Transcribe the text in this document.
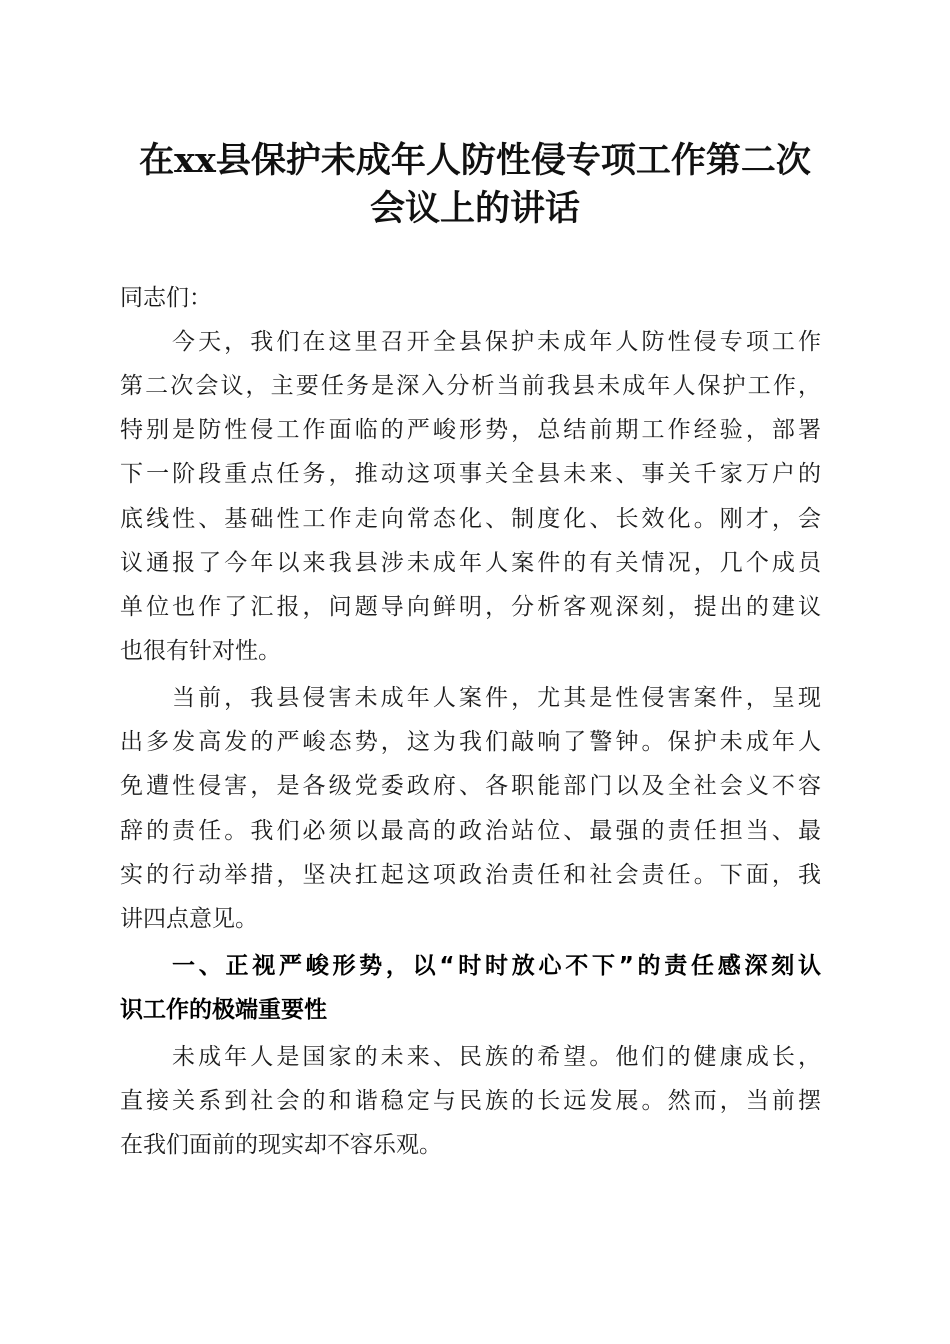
在xx县保护未成年人防性侵专项工作第二次
会议上的讲话
同志们：
今天，我们在这里召开全县保护未成年人防性侵专项工作
第二次会议，主要任务是深入分析当前我县未成年人保护工作，
特别是防性侵工作面临的严峻形势，总结前期工作经验，部署
下一阶段重点任务，推动这项事关全县未来、事关千家万户的
底线性、基础性工作走向常态化、制度化、长效化。刚才，会
议通报了今年以来我县涉未成年人案件的有关情况，几个成员
单位也作了汇报，问题导向鲜明，分析客观深刻，提出的建议
也很有针对性。
当前，我县侵害未成年人案件，尤其是性侵害案件，呈现
出多发高发的严峻态势，这为我们敲响了警钟。保护未成年人
免遭性侵害，是各级党委政府、各职能部门以及全社会义不容
辞的责任。我们必须以最高的政治站位、最强的责任担当、最
实的行动举措，坚决扛起这项政治责任和社会责任。下面，我
讲四点意见。
一、正视严峻形势，以“时时放心不下”的责任感深刻认
识工作的极端重要性
未成年人是国家的未来、民族的希望。他们的健康成长，
直接关系到社会的和谐稳定与民族的长远发展。然而，当前摆
在我们面前的现实却不容乐观。
